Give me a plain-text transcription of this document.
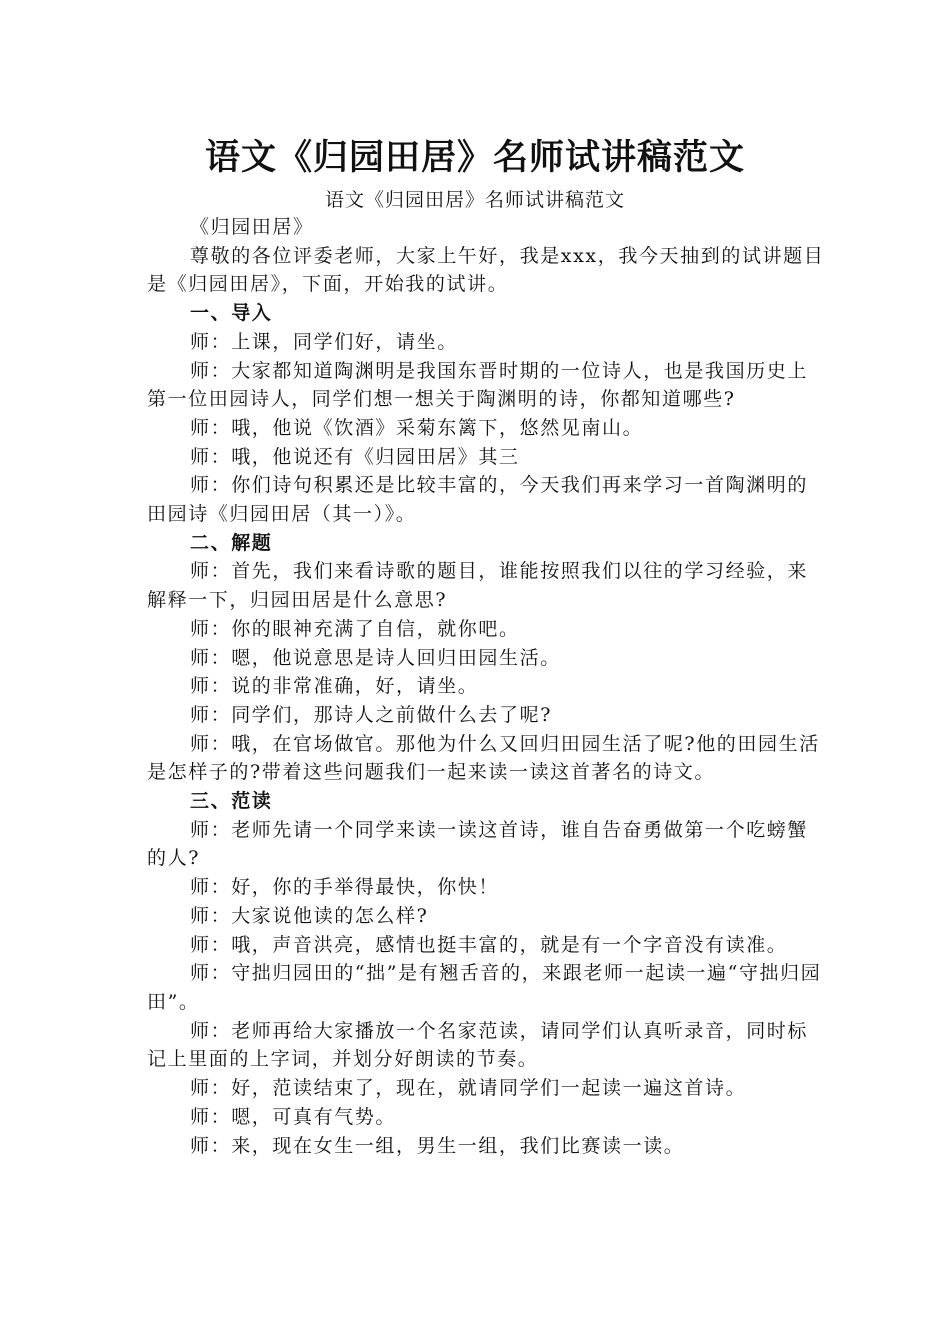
语文《归园田居》名师试讲稿范文
语文《归园田居》名师试讲稿范文

《归园田居》

尊敬的各位评委老师，大家上午好，我是xxx，我今天抽到的试讲题目是《归园田居》，下面，开始我的试讲。

一、导入

师：上课，同学们好，请坐。

师：大家都知道陶渊明是我国东晋时期的一位诗人，也是我国历史上第一位田园诗人，同学们想一想关于陶渊明的诗，你都知道哪些?

师：哦，他说《饮酒》采菊东篱下，悠然见南山。

师：哦，他说还有《归园田居》其三

师：你们诗句积累还是比较丰富的，今天我们再来学习一首陶渊明的田园诗《归园田居（其一）》。

二、解题

师：首先，我们来看诗歌的题目，谁能按照我们以往的学习经验，来解释一下，归园田居是什么意思?

师：你的眼神充满了自信，就你吧。

师：嗯，他说意思是诗人回归田园生活。

师：说的非常准确，好，请坐。

师：同学们，那诗人之前做什么去了呢?

师：哦，在官场做官。那他为什么又回归田园生活了呢?他的田园生活是怎样子的?带着这些问题我们一起来读一读这首著名的诗文。

三、范读

师：老师先请一个同学来读一读这首诗，谁自告奋勇做第一个吃螃蟹的人?

师：好，你的手举得最快，你快！

师：大家说他读的怎么样?

师：哦，声音洪亮，感情也挺丰富的，就是有一个字音没有读准。

师：守拙归园田的“拙”是有翘舌音的，来跟老师一起读一遍“守拙归园田”。

师：老师再给大家播放一个名家范读，请同学们认真听录音，同时标记上里面的上字词，并划分好朗读的节奏。

师：好，范读结束了，现在，就请同学们一起读一遍这首诗。

师：嗯，可真有气势。

师：来，现在女生一组，男生一组，我们比赛读一读。
